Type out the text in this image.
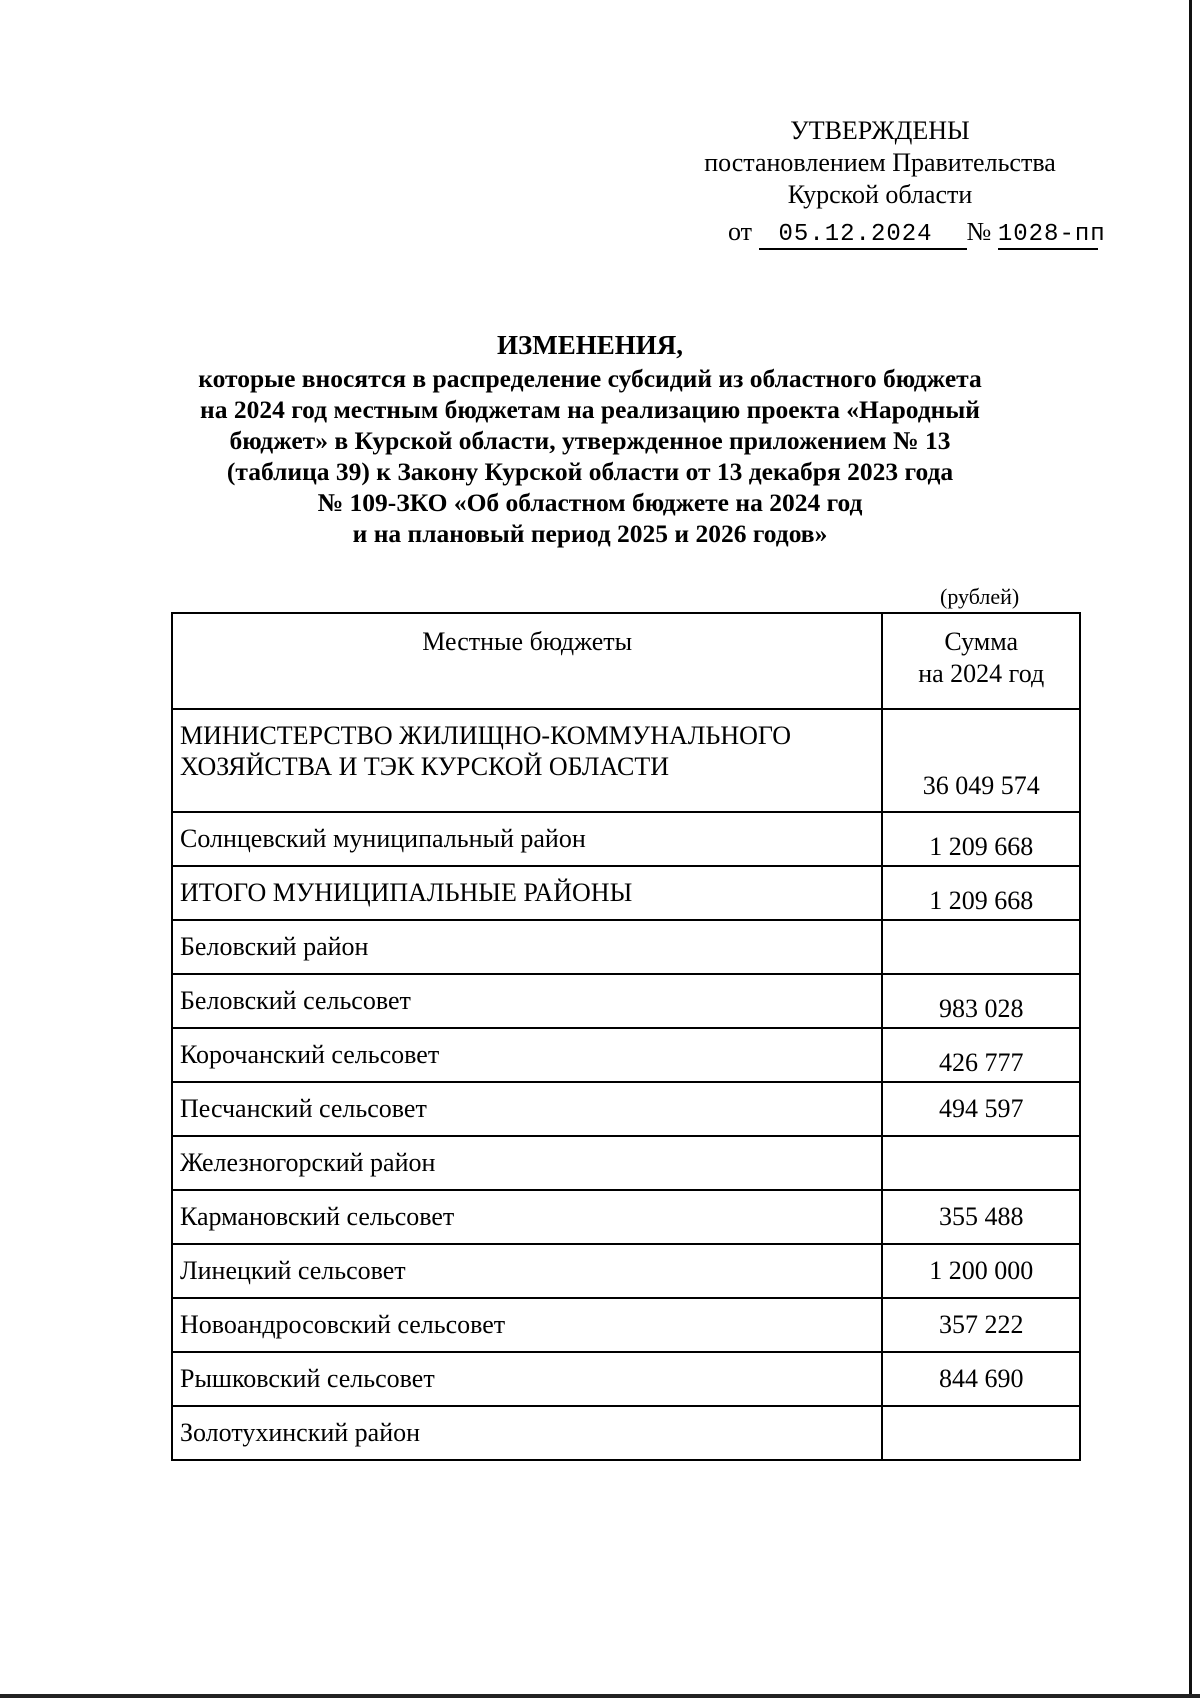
УТВЕРЖДЕНЫ
постановлением Правительства
Курской области
от 05.12.2024 № 1028-пп
ИЗМЕНЕНИЯ,
которые вносятся в распределение субсидий из областного бюджета
на 2024 год местным бюджетам на реализацию проекта «Народный
бюджет» в Курской области, утвержденное приложением № 13
(таблица 39) к Закону Курской области от 13 декабря 2023 года
№ 109-ЗКО «Об областном бюджете на 2024 год
и на плановый период 2025 и 2026 годов»
(рублей)
Местные бюджеты	Сумма
на 2024 год

МИНИСТЕРСТВО ЖИЛИЩНО-КОММУНАЛЬНОГО
ХОЗЯЙСТВА И ТЭК КУРСКОЙ ОБЛАСТИ	36 049 574
Солнцевский муниципальный район	1 209 668
ИТОГО МУНИЦИПАЛЬНЫЕ РАЙОНЫ	1 209 668
Беловский район	
Беловский сельсовет	983 028
Корочанский сельсовет	426 777
Песчанский сельсовет	494 597
Железногорский район	
Кармановский сельсовет	355 488
Линецкий сельсовет	1 200 000
Новоандросовский сельсовет	357 222
Рышковский сельсовет	844 690
Золотухинский район	
